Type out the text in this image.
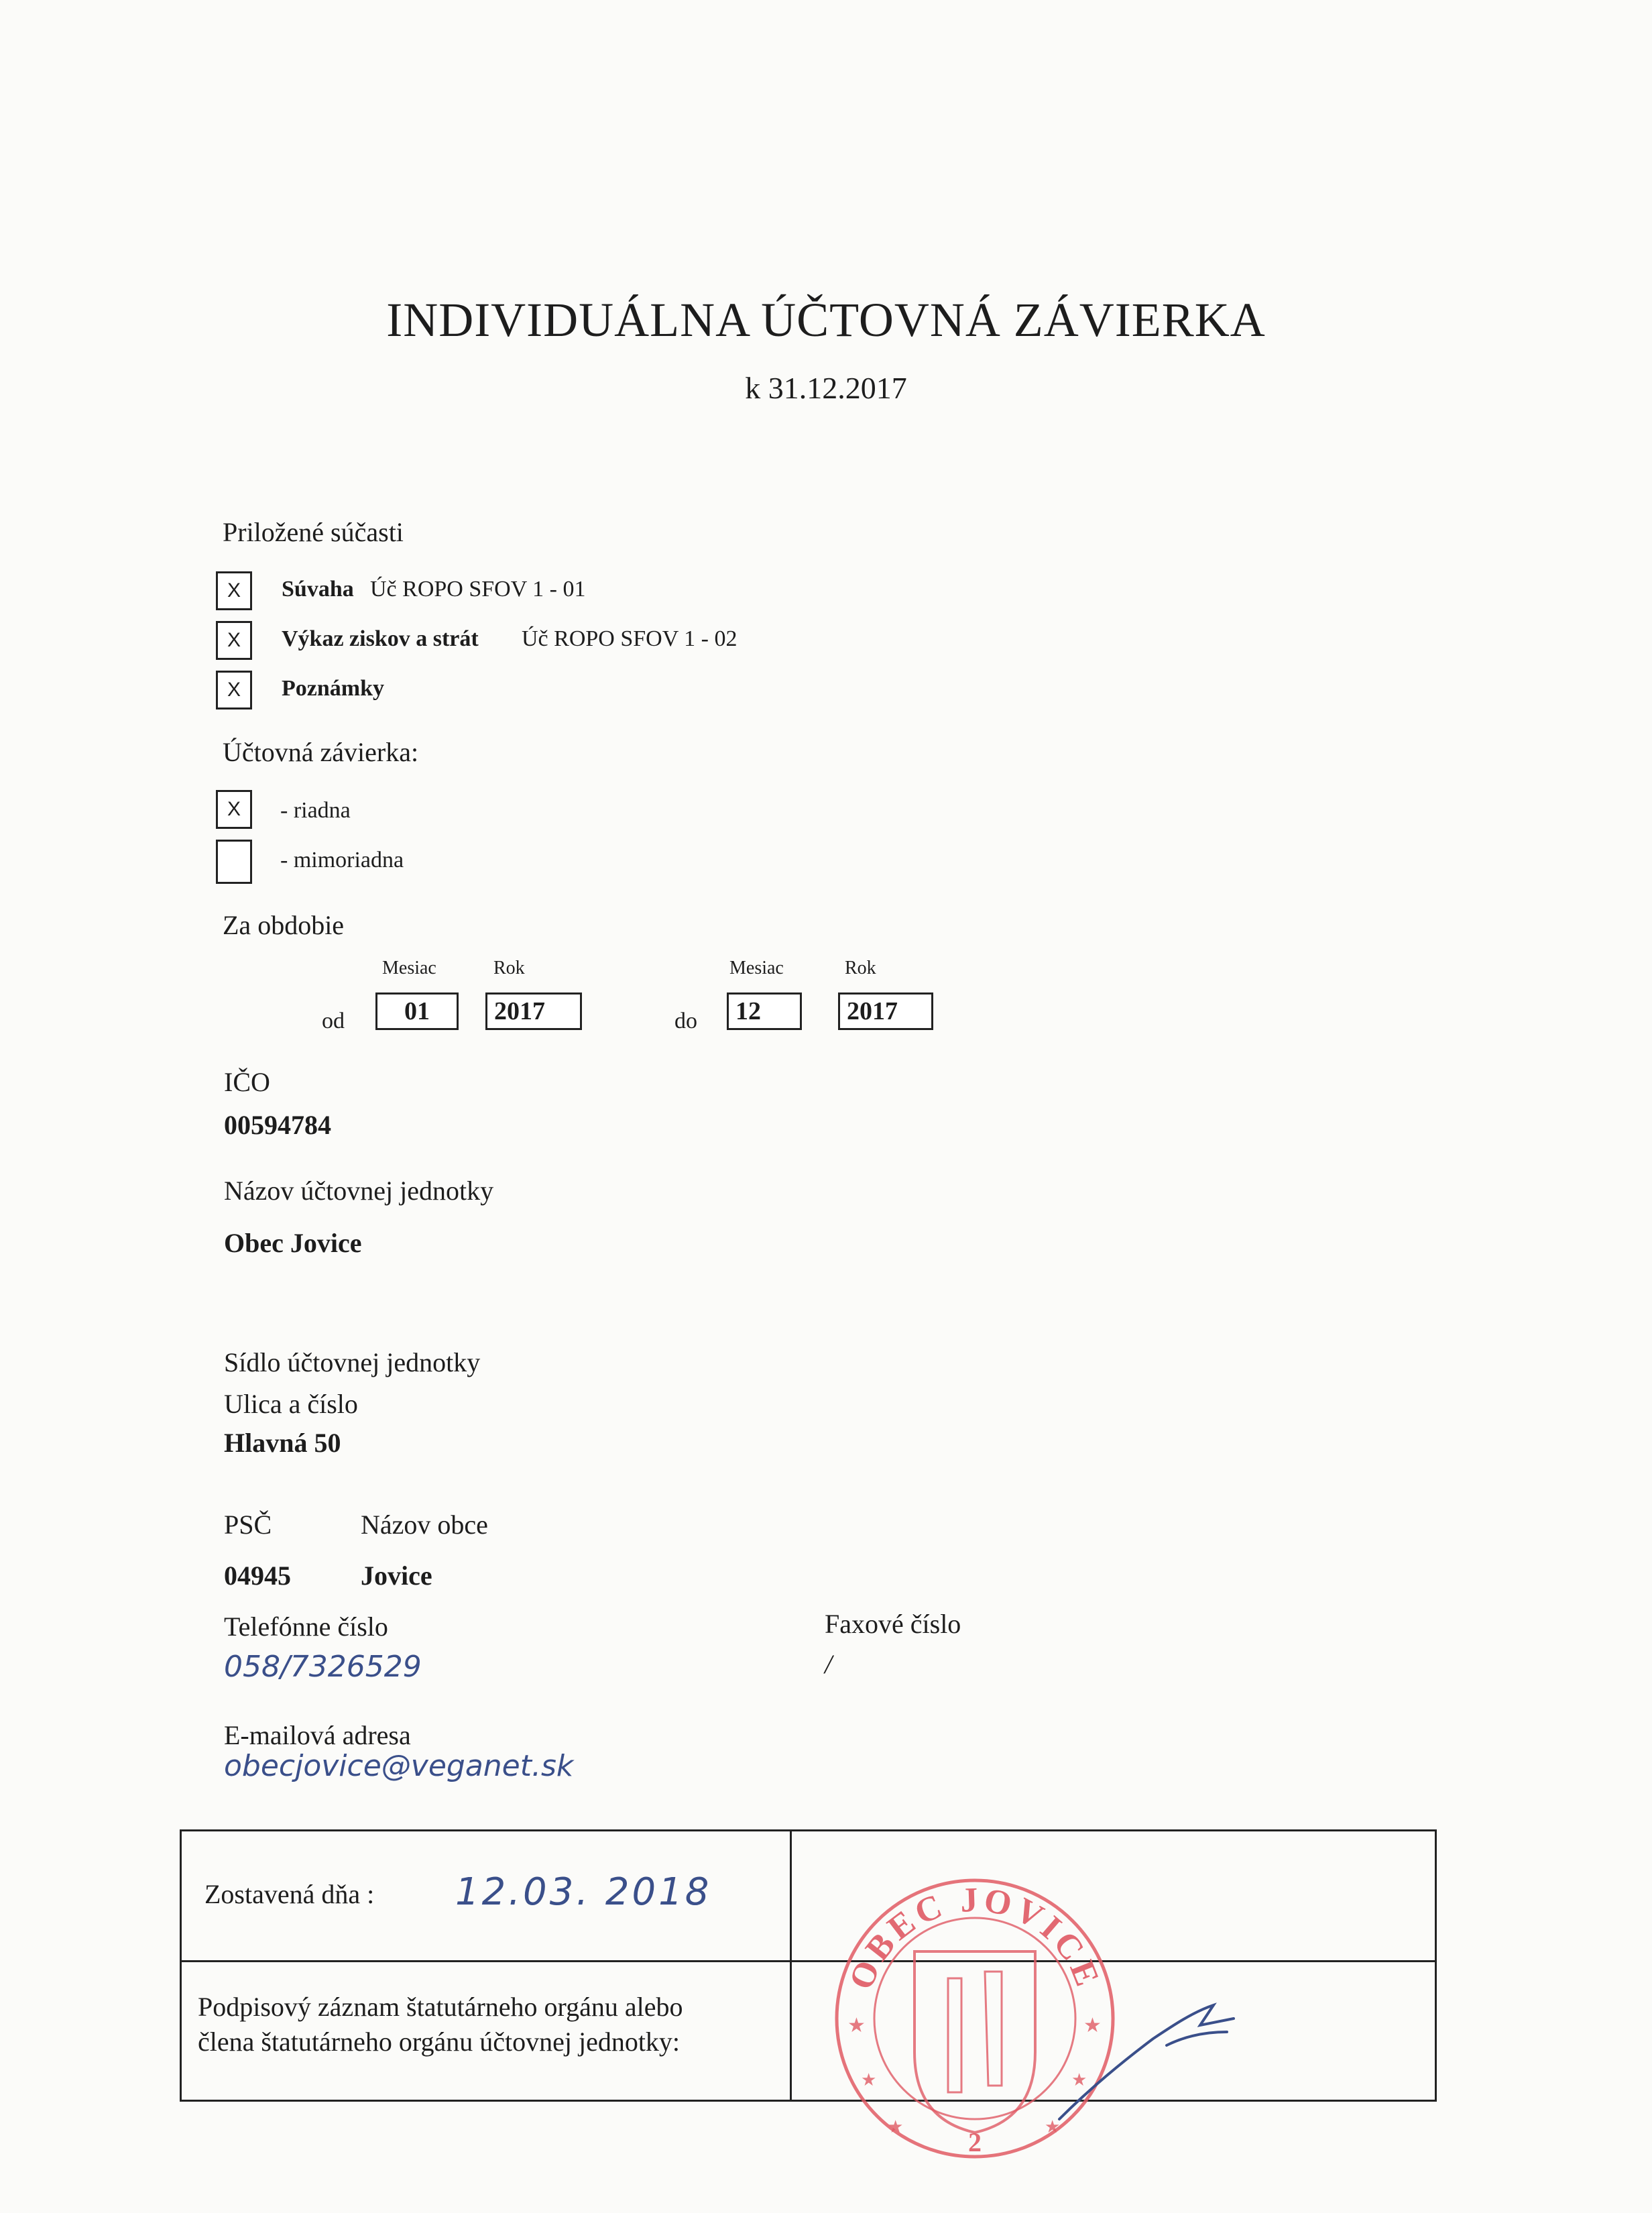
INDIVIDUÁLNA ÚČTOVNÁ ZÁVIERKA
k 31.12.2017
Priložené súčasti
X	Súvaha Úč ROPO SFOV 1 - 01
X	Výkaz ziskov a strát Úč ROPO SFOV 1 - 02
X	Poznámky
Účtovná závierka:
X	- riadna
- mimoriadna
Za obdobie
Mesiac	Rok	Mesiac	Rok
od	01	2017	do	12	2017
IČO
00594784
Názov účtovnej jednotky
Obec Jovice
Sídlo účtovnej jednotky
Ulica a číslo
Hlavná 50
PSČ	Názov obce
04945	Jovice
Telefónne číslo
058/7326529
Faxové číslo
/
E-mailová adresa
obecjovice@veganet.sk
Zostavená dňa : 12.03. 2018
Podpisový záznam štatutárneho orgánu alebo
člena štatutárneho orgánu účtovnej jednotky:
OBEC JOVICE
★	★
★	★
★	★
2
